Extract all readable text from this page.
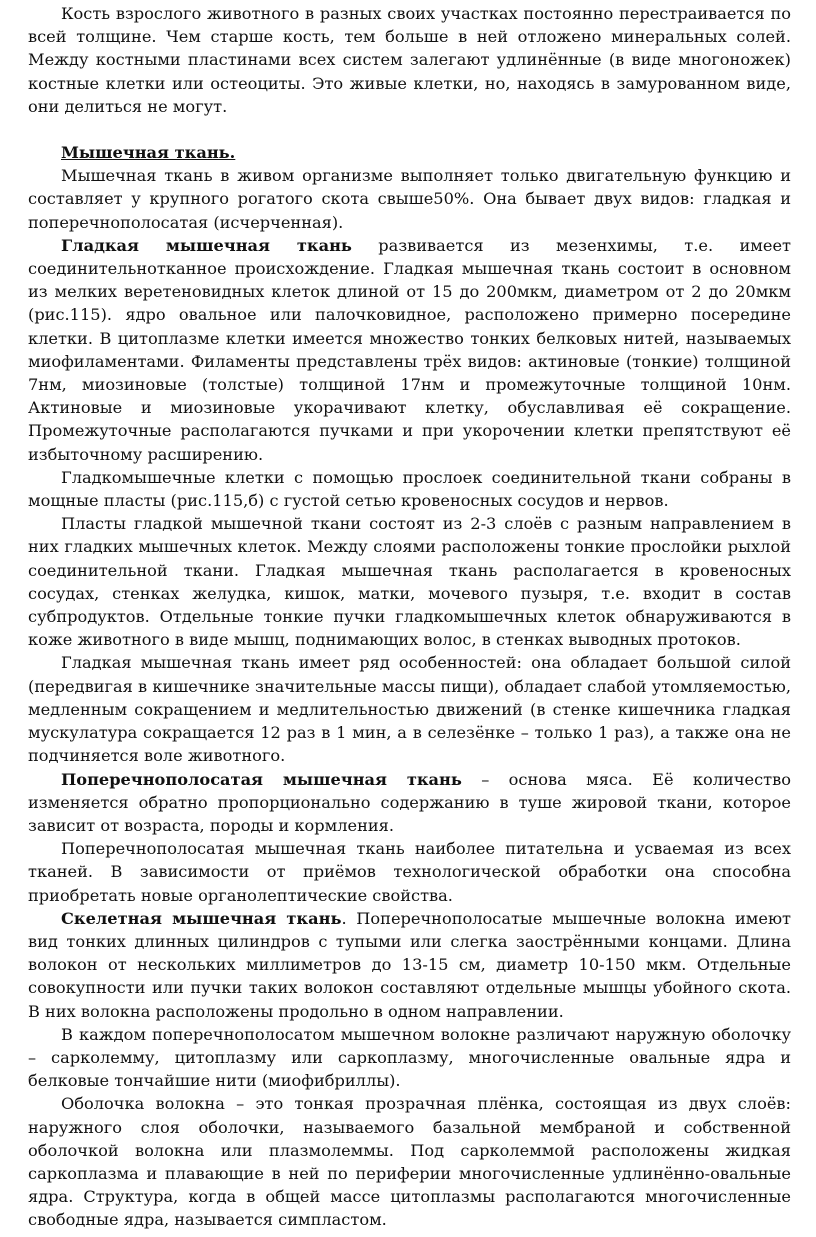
Кость взрослого животного в разных своих участках постоянно перестраивается по всей толщине. Чем старше кость, тем больше в ней отложено минеральных солей. Между костными пластинами всех систем залегают удлинённые (в виде многоножек) костные клетки или остеоциты. Это живые клетки, но, находясь в замурованном виде, они делиться не могут.

Мышечная ткань.

Мышечная ткань в живом организме выполняет только двигательную функцию и составляет у крупного рогатого скота свыше50%. Она бывает двух видов: гладкая и поперечнополосатая (исчерченная).

Гладкая мышечная ткань развивается из мезенхимы, т.е. имеет соединительнотканное происхождение. Гладкая мышечная ткань состоит в основном из мелких веретеновидных клеток длиной от 15 до 200мкм, диаметром от 2 до 20мкм (рис.115). ядро овальное или палочковидное, расположено примерно посередине клетки. В цитоплазме клетки имеется множество тонких белковых нитей, называемых миофиламентами. Филаменты представлены трёх видов: актиновые (тонкие) толщиной 7нм, миозиновые (толстые) толщиной 17нм и промежуточные толщиной 10нм. Актиновые и миозиновые укорачивают клетку, обуславливая её сокращение. Промежуточные располагаются пучками и при укорочении клетки препятствуют её избыточному расширению.

Гладкомышечные клетки с помощью прослоек соединительной ткани собраны в мощные пласты (рис.115,б) с густой сетью кровеносных сосудов и нервов.

Пласты гладкой мышечной ткани состоят из 2-3 слоёв с разным направлением в них гладких мышечных клеток. Между слоями расположены тонкие прослойки рыхлой соединительной ткани. Гладкая мышечная ткань располагается в кровеносных сосудах, стенках желудка, кишок, матки, мочевого пузыря, т.е. входит в состав субпродуктов. Отдельные тонкие пучки гладкомышечных клеток обнаруживаются в коже животного в виде мышц, поднимающих волос, в стенках выводных протоков.

Гладкая мышечная ткань имеет ряд особенностей: она обладает большой силой (передвигая в кишечнике значительные массы пищи), обладает слабой утомляемостью, медленным сокращением и медлительностью движений (в стенке кишечника гладкая мускулатура сокращается 12 раз в 1 мин, а в селезёнке – только 1 раз), а также она не подчиняется воле животного.

Поперечнополосатая мышечная ткань – основа мяса. Её количество изменяется обратно пропорционально содержанию в туше жировой ткани, которое зависит от возраста, породы и кормления.

Поперечнополосатая мышечная ткань наиболее питательна и усваемая из всех тканей. В зависимости от приёмов технологической обработки она способна приобретать новые органолептические свойства.

Скелетная мышечная ткань. Поперечнополосатые мышечные волокна имеют вид тонких длинных цилиндров с тупыми или слегка заострёнными концами. Длина волокон от нескольких миллиметров до 13-15 см, диаметр 10-150 мкм. Отдельные совокупности или пучки таких волокон составляют отдельные мышцы убойного скота. В них волокна расположены продольно в одном направлении.

В каждом поперечнополосатом мышечном волокне различают наружную оболочку – сарколемму, цитоплазму или саркоплазму, многочисленные овальные ядра и белковые тончайшие нити (миофибриллы).

Оболочка волокна – это тонкая прозрачная плёнка, состоящая из двух слоёв: наружного слоя оболочки, называемого базальной мембраной и собственной оболочкой волокна или плазмолеммы. Под сарколеммой расположены жидкая саркоплазма и плавающие в ней по периферии многочисленные удлинённо-овальные ядра. Структура, когда в общей массе цитоплазмы располагаются многочисленные свободные ядра, называется симпластом.
